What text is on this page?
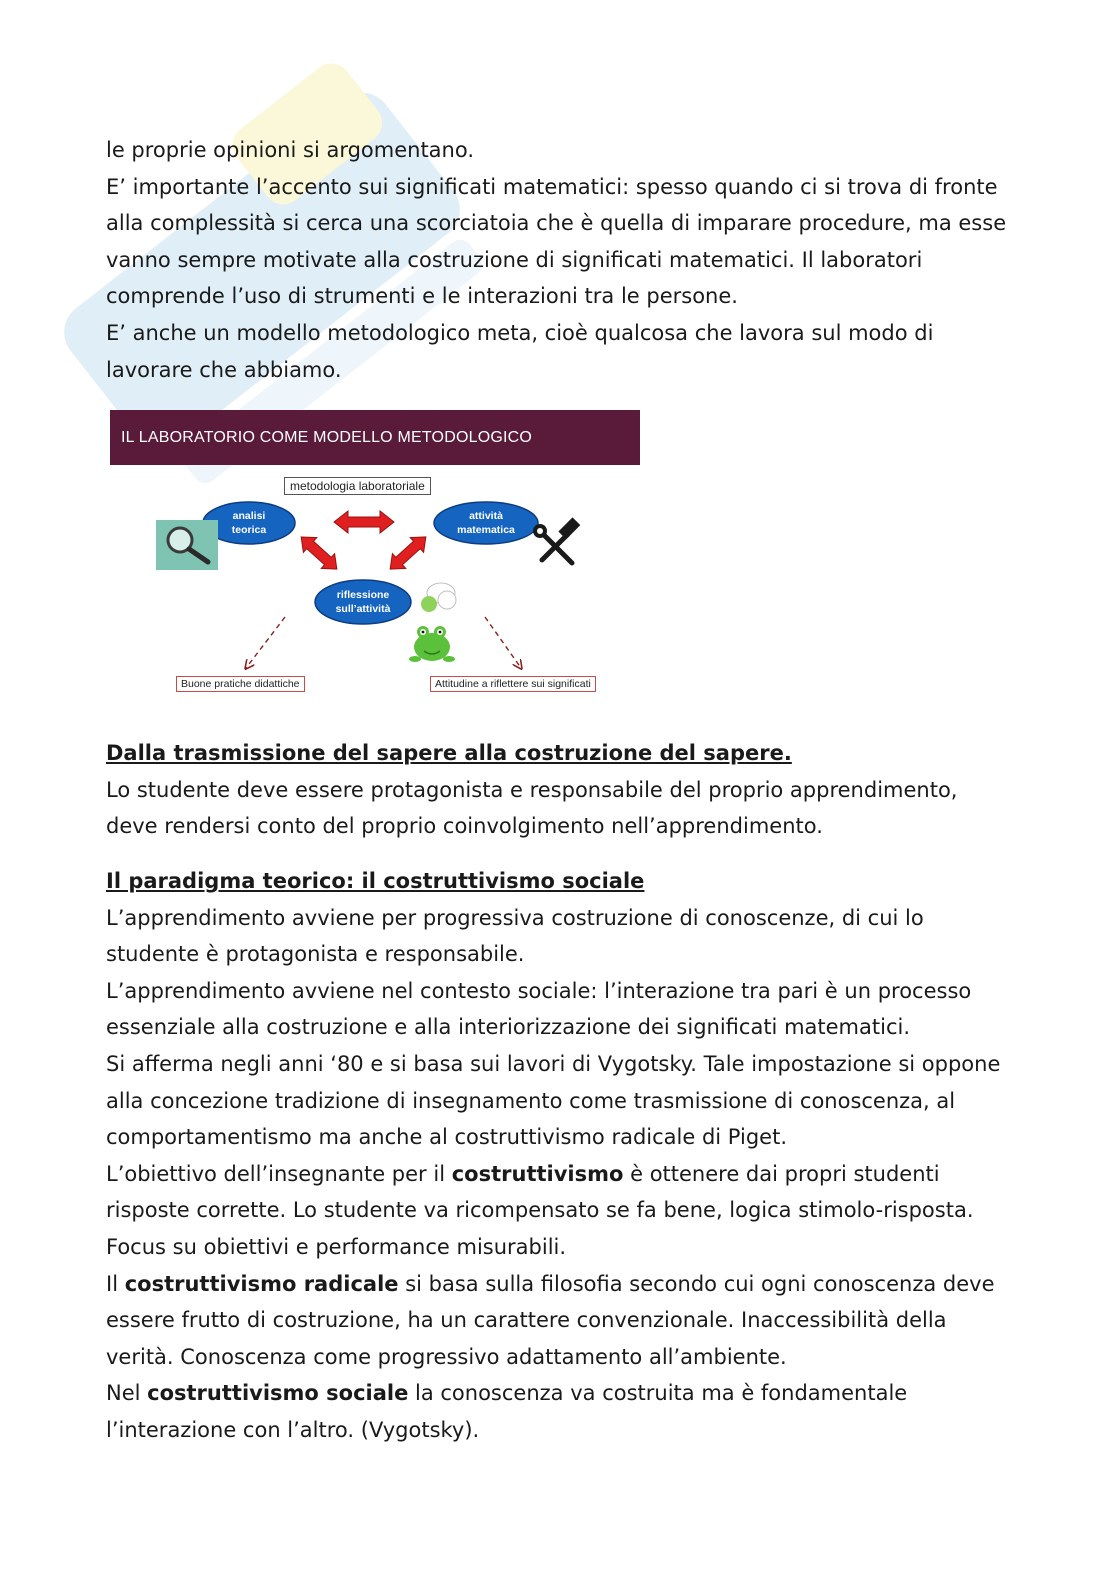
le proprie opinioni si argomentano.

E’ importante l’accento sui significati matematici: spesso quando ci si trova di fronte

alla complessità si cerca una scorciatoia che è quella di imparare procedure, ma esse

vanno sempre motivate alla costruzione di significati matematici. Il laboratori

comprende l’uso di strumenti e le interazioni tra le persone.

E’ anche un modello metodologico meta, cioè qualcosa che lavora sul modo di

lavorare che abbiamo.

IL LABORATORIO COME MODELLO METODOLOGICO
metodologia laboratoriale
analisi
teorica
attività
matematica
riflessione
sull’attività
Buone pratiche didattiche	Attitudine a riflettere sui significati

Dalla trasmissione del sapere alla costruzione del sapere.

Lo studente deve essere protagonista e responsabile del proprio apprendimento,

deve rendersi conto del proprio coinvolgimento nell’apprendimento.

Il paradigma teorico: il costruttivismo sociale

L’apprendimento avviene per progressiva costruzione di conoscenze, di cui lo

studente è protagonista e responsabile.

L’apprendimento avviene nel contesto sociale: l’interazione tra pari è un processo

essenziale alla costruzione e alla interiorizzazione dei significati matematici.

Si afferma negli anni ‘80 e si basa sui lavori di Vygotsky. Tale impostazione si oppone

alla concezione tradizione di insegnamento come trasmissione di conoscenza, al

comportamentismo ma anche al costruttivismo radicale di Piget.

L’obiettivo dell’insegnante per il costruttivismo è ottenere dai propri studenti

risposte corrette. Lo studente va ricompensato se fa bene, logica stimolo-risposta.

Focus su obiettivi e performance misurabili.

Il costruttivismo radicale si basa sulla filosofia secondo cui ogni conoscenza deve

essere frutto di costruzione, ha un carattere convenzionale. Inaccessibilità della

verità. Conoscenza come progressivo adattamento all’ambiente.

Nel costruttivismo sociale la conoscenza va costruita ma è fondamentale

l’interazione con l’altro. (Vygotsky).
